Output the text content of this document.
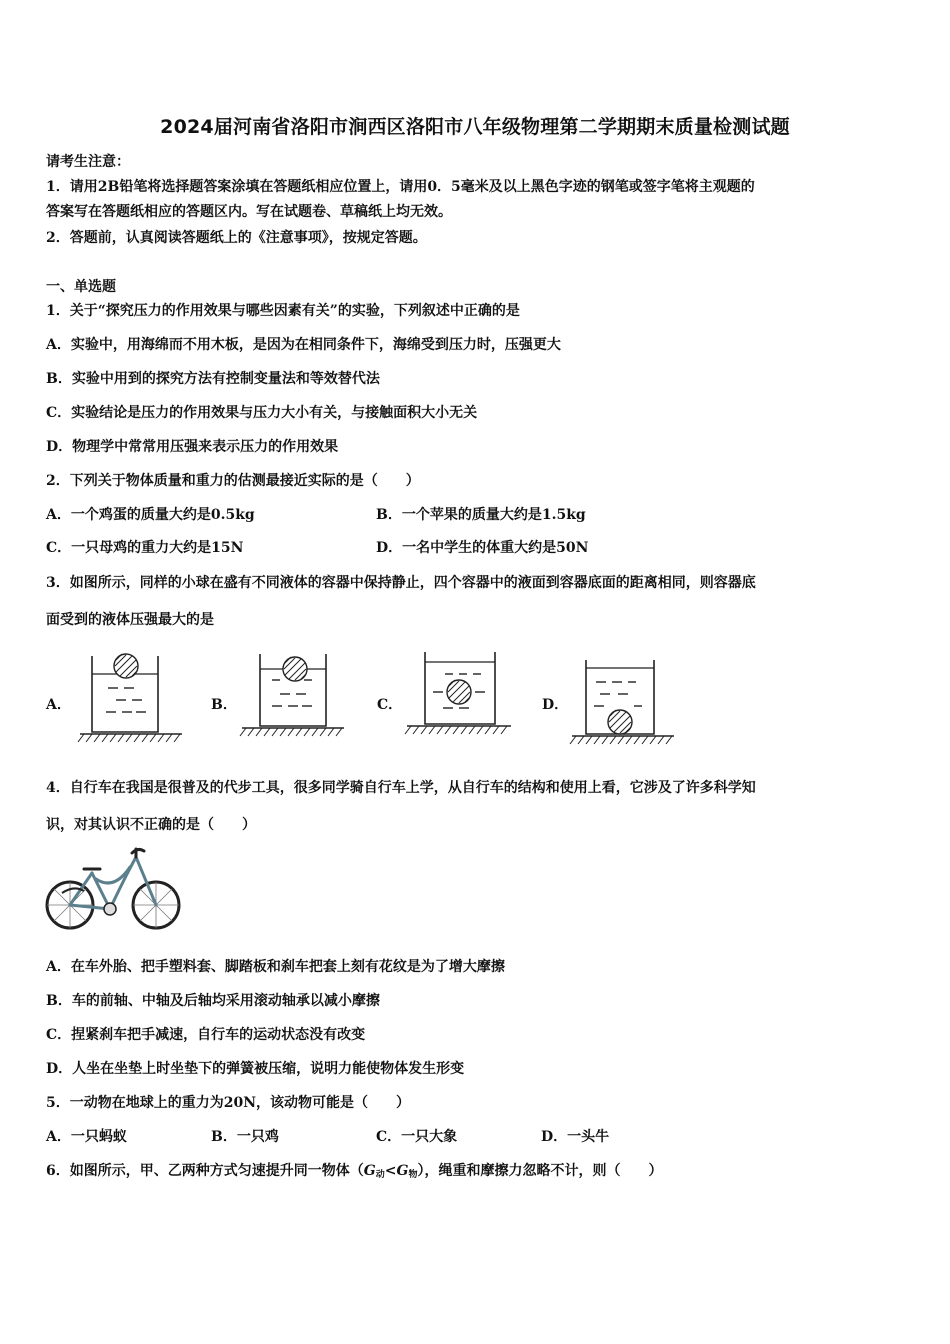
2024届河南省洛阳市涧西区洛阳市八年级物理第二学期期末质量检测试题
请考生注意：
1．请用2B铅笔将选择题答案涂填在答题纸相应位置上，请用0．5毫米及以上黑色字迹的钢笔或签字笔将主观题的
答案写在答题纸相应的答题区内。写在试题卷、草稿纸上均无效。
2．答题前，认真阅读答题纸上的《注意事项》，按规定答题。
一、单选题
1．关于“探究压力的作用效果与哪些因素有关”的实验，下列叙述中正确的是
A．实验中，用海绵而不用木板，是因为在相同条件下，海绵受到压力时，压强更大
B．实验中用到的探究方法有控制变量法和等效替代法
C．实验结论是压力的作用效果与压力大小有关，与接触面积大小无关
D．物理学中常常用压强来表示压力的作用效果
2．下列关于物体质量和重力的估测最接近实际的是（　　）
A．一个鸡蛋的质量大约是0.5kg	B．一个苹果的质量大约是1.5kg
C．一只母鸡的重力大约是15N	D．一名中学生的体重大约是50N
3．如图所示，同样的小球在盛有不同液体的容器中保持静止，四个容器中的液面到容器底面的距离相同，则容器底
面受到的液体压强最大的是
A．	B．	C．	D．
4．自行车在我国是很普及的代步工具，很多同学骑自行车上学，从自行车的结构和使用上看，它涉及了许多科学知
识，对其认识不正确的是（　　）
A．在车外胎、把手塑料套、脚踏板和刹车把套上刻有花纹是为了增大摩擦
B．车的前轴、中轴及后轴均采用滚动轴承以减小摩擦
C．捏紧刹车把手减速，自行车的运动状态没有改变
D．人坐在坐垫上时坐垫下的弹簧被压缩，说明力能使物体发生形变
5．一动物在地球上的重力为20N，该动物可能是（　　）
A．一只蚂蚁	B．一只鸡	C．一只大象	D．一头牛
6．如图所示，甲、乙两种方式匀速提升同一物体$(G_动<G_物)$，绳重和摩擦力忽略不计，则（　　）
